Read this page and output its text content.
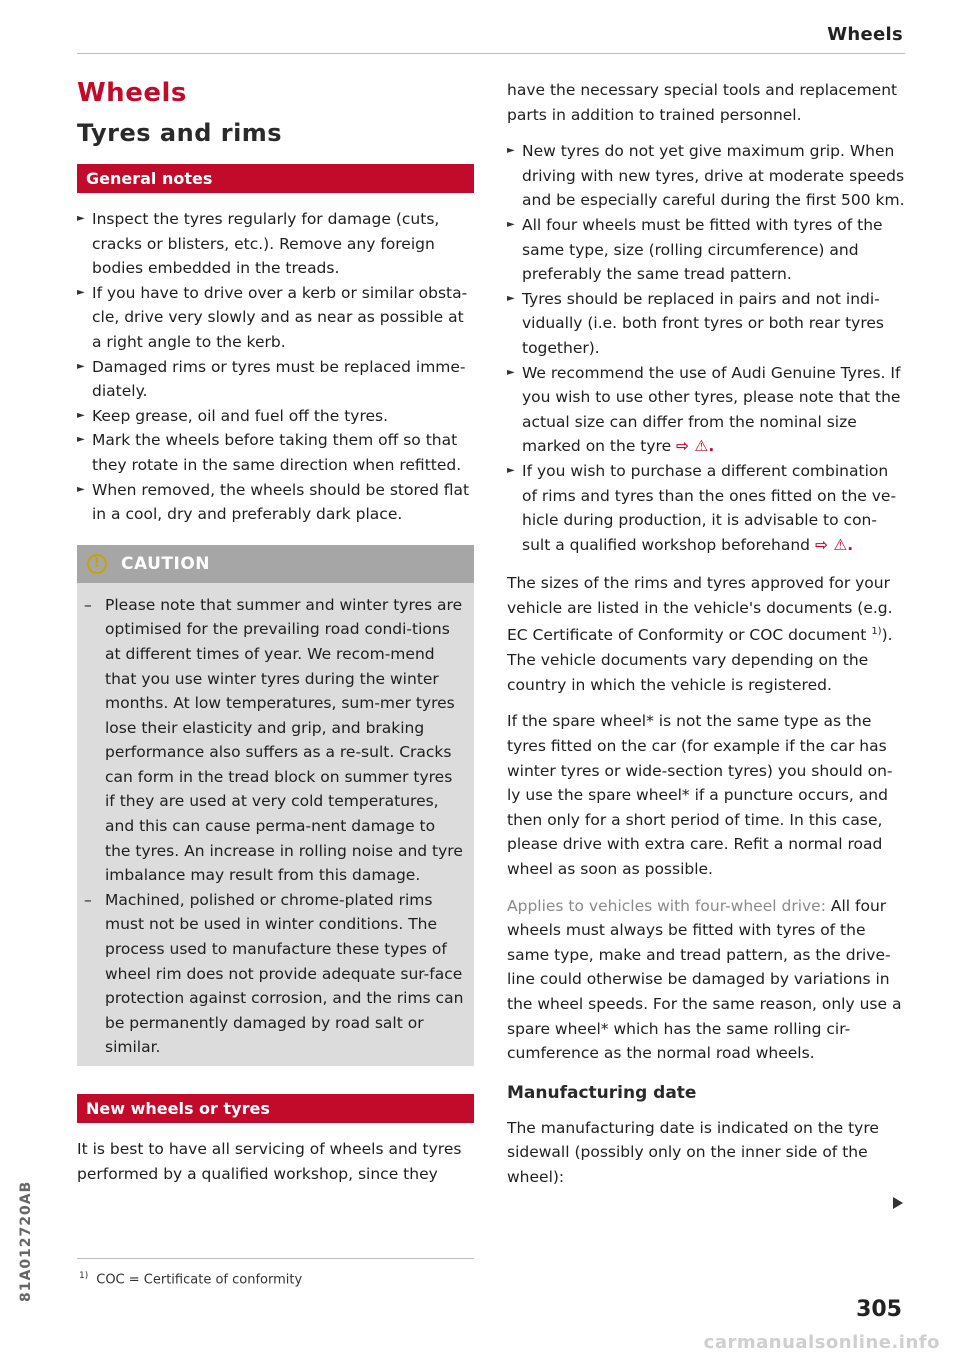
Wheels
Wheels
Tyres and rims
General notes
► Inspect the tyres regularly for damage (cuts, cracks or blisters, etc.). Remove any foreign bodies embedded in the treads.
► If you have to drive over a kerb or similar obsta-cle, drive very slowly and as near as possible at a right angle to the kerb.
► Damaged rims or tyres must be replaced imme-diately.
► Keep grease, oil and fuel off the tyres.
► Mark the wheels before taking them off so that they rotate in the same direction when refitted.
► When removed, the wheels should be stored flat in a cool, dry and preferably dark place.
!	CAUTION
– Please note that summer and winter tyres are optimised for the prevailing road condi-tions at different times of year. We recom-mend that you use winter tyres during the winter months. At low temperatures, sum-mer tyres lose their elasticity and grip, and braking performance also suffers as a re-sult. Cracks can form in the tread block on summer tyres if they are used at very cold temperatures, and this can cause perma-nent damage to the tyres. An increase in rolling noise and tyre imbalance may result from this damage.
– Machined, polished or chrome-plated rims must not be used in winter conditions. The process used to manufacture these types of wheel rim does not provide adequate sur-face protection against corrosion, and the rims can be permanently damaged by road salt or similar.
New wheels or tyres

It is best to have all servicing of wheels and tyres performed by a qualified workshop, since they

have the necessary special tools and replacement parts in addition to trained personnel.

► New tyres do not yet give maximum grip. When driving with new tyres, drive at moderate speeds and be especially careful during the first 500 km.
► All four wheels must be fitted with tyres of the same type, size (rolling circumference) and preferably the same tread pattern.
► Tyres should be replaced in pairs and not indi-vidually (i.e. both front tyres or both rear tyres together).
► We recommend the use of Audi Genuine Tyres. If you wish to use other tyres, please note that the actual size can differ from the nominal size marked on the tyre ⇨ ⚠.
► If you wish to purchase a different combination of rims and tyres than the ones fitted on the ve-hicle during production, it is advisable to con-sult a qualified workshop beforehand ⇨ ⚠.

The sizes of the rims and tyres approved for your vehicle are listed in the vehicle's documents (e.g. EC Certificate of Conformity or COC document $^{1)}$). The vehicle documents vary depending on the country in which the vehicle is registered.

If the spare wheel* is not the same type as the tyres fitted on the car (for example if the car has winter tyres or wide-section tyres) you should on-ly use the spare wheel* if a puncture occurs, and then only for a short period of time. In this case, please drive with extra care. Refit a normal road wheel as soon as possible.

Applies to vehicles with four-wheel drive: All four wheels must always be fitted with tyres of the same type, make and tread pattern, as the drive-line could otherwise be damaged by variations in the wheel speeds. For the same reason, only use a spare wheel* which has the same rolling cir-cumference as the normal road wheels.

Manufacturing date

The manufacturing date is indicated on the tyre sidewall (possibly only on the inner side of the wheel):

$^{1)}$ COC = Certificate of conformity
81A012720AB
305
carmanualsonline.info
